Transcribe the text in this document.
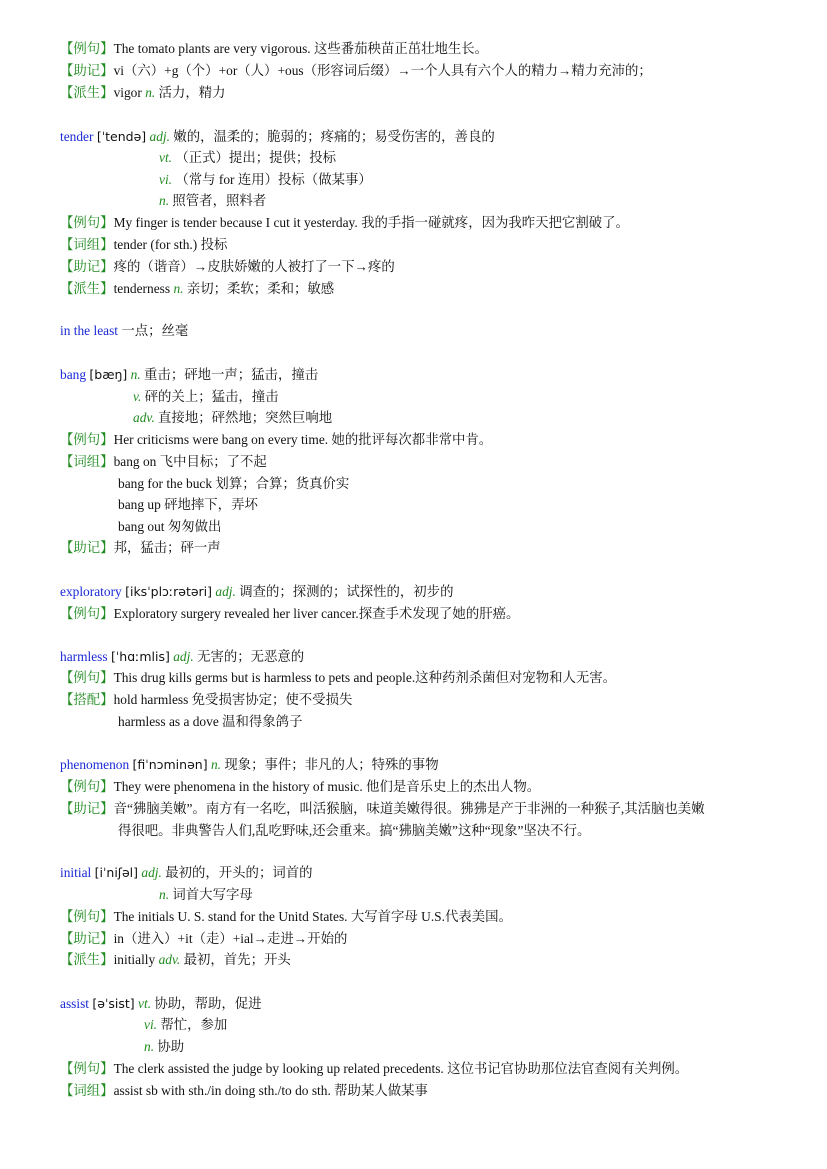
【例句】The tomato plants are very vigorous. 这些番茄秧苗正茁壮地生长。
【助记】vi（六）+g（个）+or（人）+ous（形容词后缀）→一个人具有六个人的精力→精力充沛的；
【派生】vigor n. 活力，精力
tender [ˈtendə] adj. 嫩的，温柔的；脆弱的；疼痛的；易受伤害的，善良的
vt. （正式）提出；提供；投标
vi. （常与 for 连用）投标（做某事）
n. 照管者，照料者
【例句】My finger is tender because I cut it yesterday. 我的手指一碰就疼，因为我昨天把它割破了。
【词组】tender (for sth.) 投标
【助记】疼的（谐音）→皮肤娇嫩的人被打了一下→疼的
【派生】tenderness n. 亲切；柔软；柔和；敏感
in the least 一点；丝毫
bang [bæŋ] n. 重击；砰地一声；猛击，撞击
v. 砰的关上；猛击，撞击
adv. 直接地；砰然地；突然巨响地
【例句】Her criticisms were bang on every time. 她的批评每次都非常中肯。
【词组】bang on 飞中目标；了不起
bang for the buck 划算；合算；货真价实
bang up 砰地摔下，弄坏
bang out 匆匆做出
【助记】邦，猛击；砰一声
exploratory [iksˈplɔːrətəri] adj. 调查的；探测的；试探性的，初步的
【例句】Exploratory surgery revealed her liver cancer.探查手术发现了她的肝癌。
harmless [ˈhɑːmlis] adj. 无害的；无恶意的
【例句】This drug kills germs but is harmless to pets and people.这种药剂杀菌但对宠物和人无害。
【搭配】hold harmless 免受损害协定；使不受损失
harmless as a dove 温和得象鸽子
phenomenon [fiˈnɔminən] n. 现象；事件；非凡的人；特殊的事物
【例句】They were phenomena in the history of music. 他们是音乐史上的杰出人物。
【助记】音“狒脑美嫩”。南方有一名吃，叫活猴脑，味道美嫩得很。狒狒是产于非洲的一种猴子,其活脑也美嫩
得很吧。非典警告人们,乱吃野味,还会重来。搞“狒脑美嫩”这种“现象”坚决不行。
initial [iˈniʃəl] adj. 最初的，开头的；词首的
n. 词首大写字母
【例句】The initials U. S. stand for the Unitd States. 大写首字母 U.S.代表美国。
【助记】in（进入）+it（走）+ial→走进→开始的
【派生】initially adv. 最初，首先；开头
assist [əˈsist] vt. 协助，帮助，促进
vi. 帮忙，参加
n. 协助
【例句】The clerk assisted the judge by looking up related precedents. 这位书记官协助那位法官查阅有关判例。
【词组】assist sb with sth./in doing sth./to do sth. 帮助某人做某事
